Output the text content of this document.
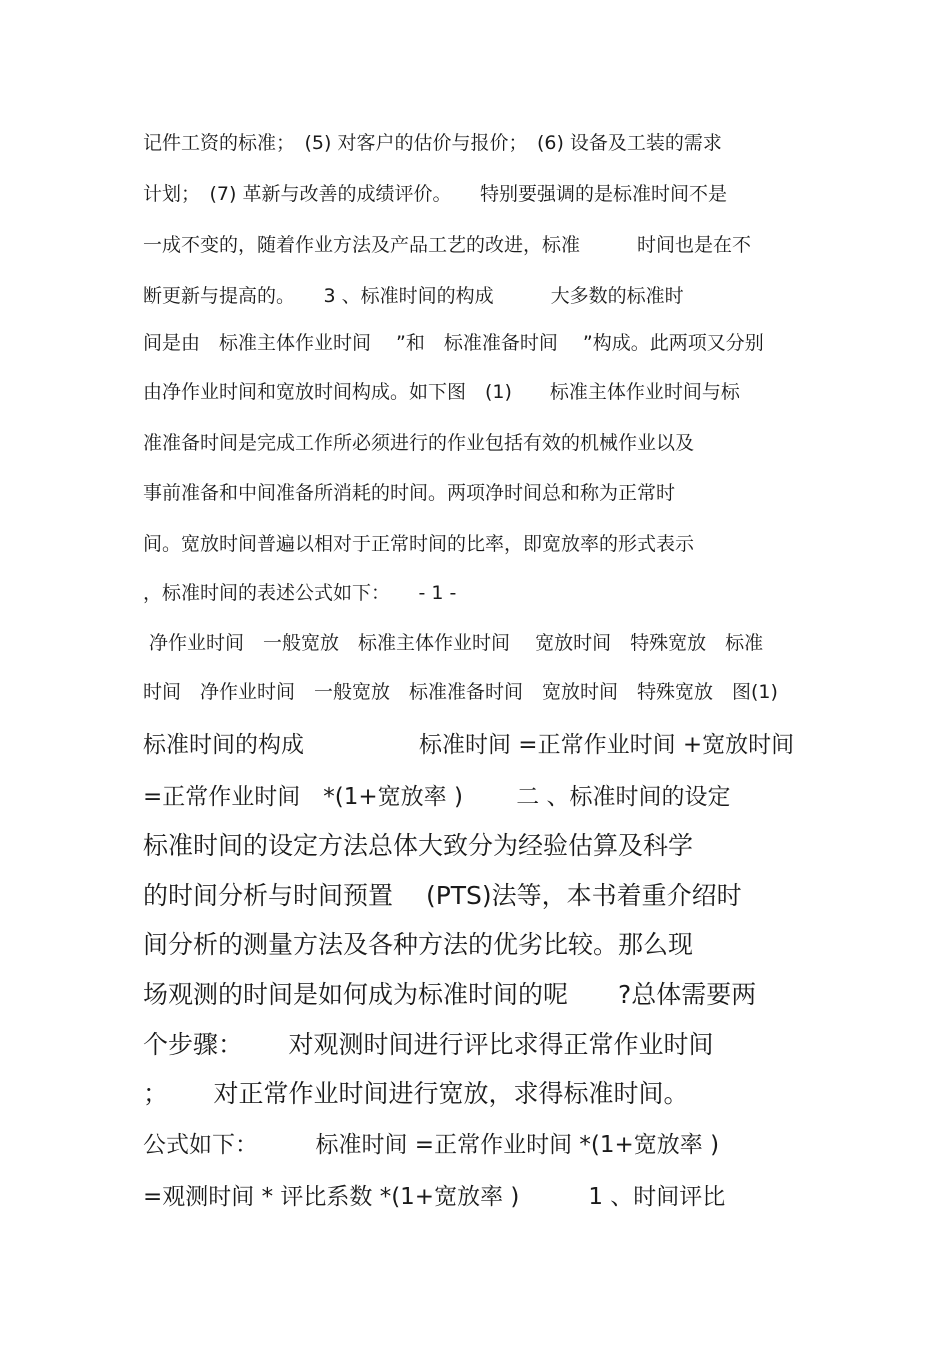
记件工资的标准；　(5) 对客户的估价与报价；　(6) 设备及工装的需求
计划；　(7) 革新与改善的成绩评价。　　特别要强调的是标准时间不是
一成不变的，随着作业方法及产品工艺的改进，标准　　　时间也是在不
断更新与提高的。　　3 、标准时间的构成　　　大多数的标准时
间是由　标准主体作业时间　 ”和　标准准备时间　 ”构成。此两项又分别
由净作业时间和宽放时间构成。如下图　(1)　　标准主体作业时间与标
准准备时间是完成工作所必须进行的作业包括有效的机械作业以及
事前准备和中间准备所消耗的时间。两项净时间总和称为正常时
间。宽放时间普遍以相对于正常时间的比率，即宽放率的形式表示
，标准时间的表述公式如下：　　- 1 -
净作业时间　一般宽放　标准主体作业时间　 宽放时间　特殊宽放　标准
时间　净作业时间　一般宽放　标准准备时间　宽放时间　特殊宽放　图(1)
标准时间的构成　　　　　标准时间 =正常作业时间 +宽放时间
=正常作业时间　*(1+宽放率 )　　 二 、标准时间的设定
标准时间的设定方法总体大致分为经验估算及科学
的时间分析与时间预置　 (PTS)法等，本书着重介绍时
间分析的测量方法及各种方法的优劣比较。那么现
场观测的时间是如何成为标准时间的呢　　?总体需要两
个步骤：　　 对观测时间进行评比求得正常作业时间
；　　 对正常作业时间进行宽放，求得标准时间。
公式如下：　　　标准时间 =正常作业时间 *(1+宽放率 )
=观测时间 * 评比系数 *(1+宽放率 )　　　1 、时间评比
